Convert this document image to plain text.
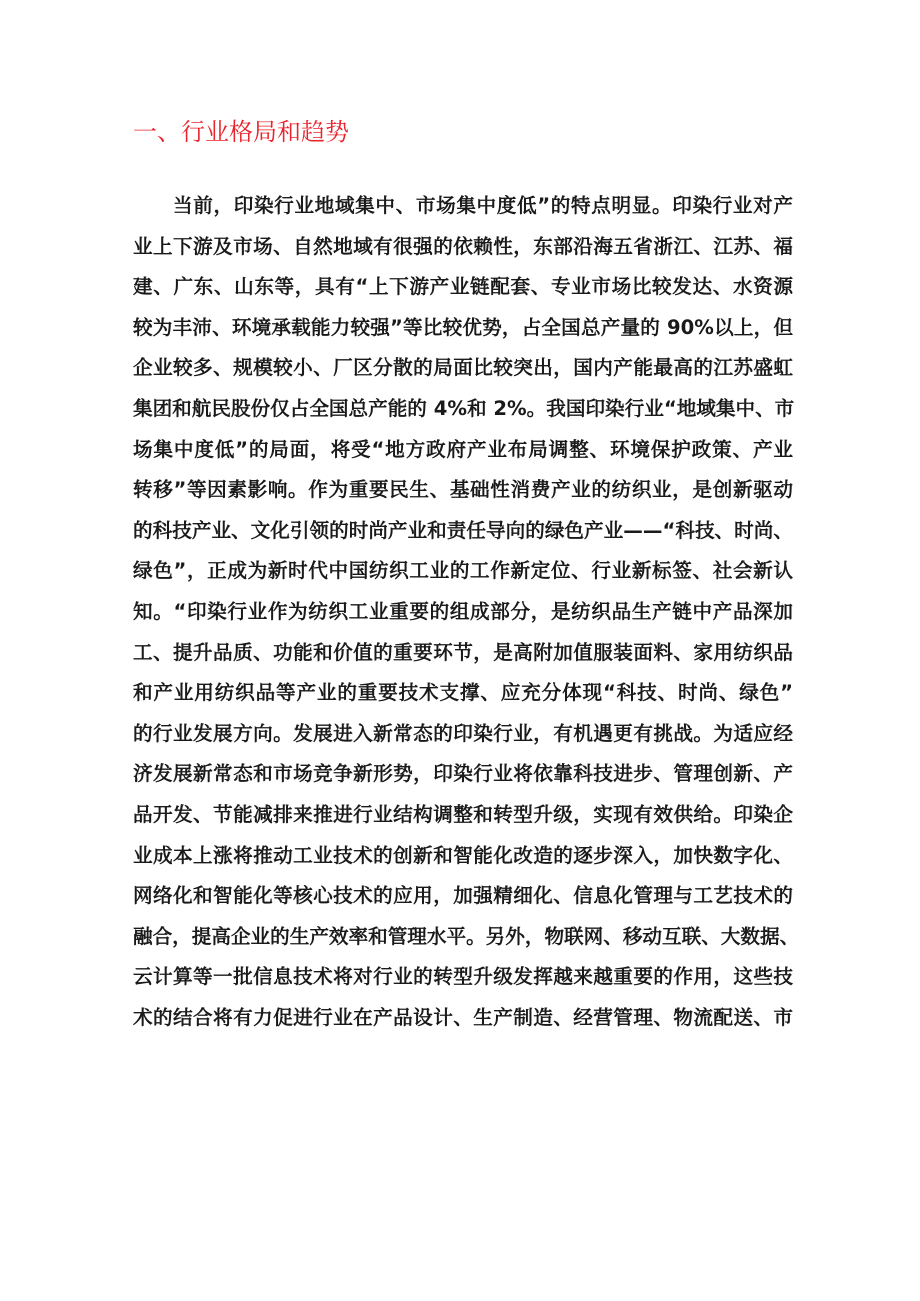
一、行业格局和趋势
当前，印染行业地域集中、市场集中度低”的特点明显。印染行业对产
业上下游及市场、自然地域有很强的依赖性，东部沿海五省浙江、江苏、福
建、广东、山东等，具有“上下游产业链配套、专业市场比较发达、水资源
较为丰沛、环境承载能力较强”等比较优势，占全国总产量的 90%以上，但
企业较多、规模较小、厂区分散的局面比较突出，国内产能最高的江苏盛虹
集团和航民股份仅占全国总产能的 4%和 2%。我国印染行业“地域集中、市
场集中度低”的局面，将受“地方政府产业布局调整、环境保护政策、产业
转移”等因素影响。作为重要民生、基础性消费产业的纺织业，是创新驱动
的科技产业、文化引领的时尚产业和责任导向的绿色产业——“科技、时尚、
绿色”，正成为新时代中国纺织工业的工作新定位、行业新标签、社会新认
知。“印染行业作为纺织工业重要的组成部分，是纺织品生产链中产品深加
工、提升品质、功能和价值的重要环节，是高附加值服装面料、家用纺织品
和产业用纺织品等产业的重要技术支撑、应充分体现“科技、时尚、绿色”
的行业发展方向。发展进入新常态的印染行业，有机遇更有挑战。为适应经
济发展新常态和市场竞争新形势，印染行业将依靠科技进步、管理创新、产
品开发、节能减排来推进行业结构调整和转型升级，实现有效供给。印染企
业成本上涨将推动工业技术的创新和智能化改造的逐步深入，加快数字化、
网络化和智能化等核心技术的应用，加强精细化、信息化管理与工艺技术的
融合，提高企业的生产效率和管理水平。另外，物联网、移动互联、大数据、
云计算等一批信息技术将对行业的转型升级发挥越来越重要的作用，这些技
术的结合将有力促进行业在产品设计、生产制造、经营管理、物流配送、市
